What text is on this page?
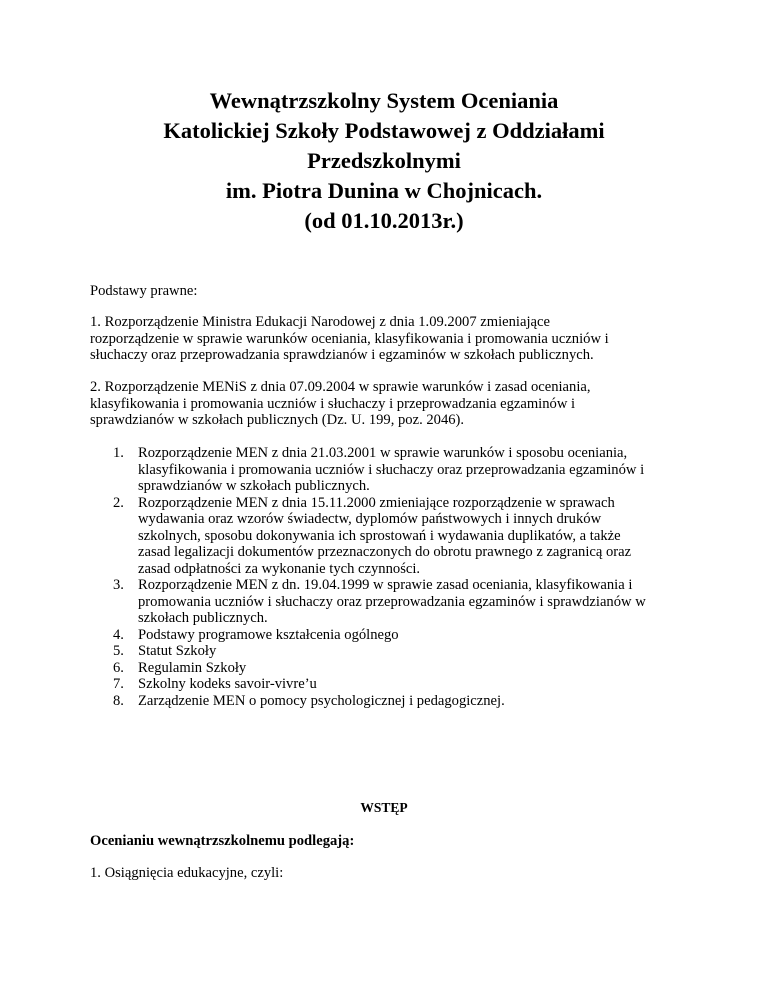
Wewnątrzszkolny System Oceniania
Katolickiej Szkoły Podstawowej z Oddziałami
Przedszkolnymi
im. Piotra Dunina w Chojnicach.
(od 01.10.2013r.)

Podstawy prawne:

1. Rozporządzenie Ministra Edukacji Narodowej z dnia 1.09.2007 zmieniające
rozporządzenie w sprawie warunków oceniania, klasyfikowania i promowania uczniów i
słuchaczy oraz przeprowadzania sprawdzianów i egzaminów w szkołach publicznych.

2. Rozporządzenie MENiS z dnia 07.09.2004 w sprawie warunków i zasad oceniania,
klasyfikowania i promowania uczniów i słuchaczy i przeprowadzania egzaminów i
sprawdzianów w szkołach publicznych (Dz. U. 199, poz. 2046).

1. Rozporządzenie MEN z dnia 21.03.2001 w sprawie warunków i sposobu oceniania,
klasyfikowania i promowania uczniów i słuchaczy oraz przeprowadzania egzaminów i
sprawdzianów w szkołach publicznych.
2. Rozporządzenie MEN z dnia 15.11.2000 zmieniające rozporządzenie w sprawach
wydawania oraz wzorów świadectw, dyplomów państwowych i innych druków
szkolnych, sposobu dokonywania ich sprostowań i wydawania duplikatów, a także
zasad legalizacji dokumentów przeznaczonych do obrotu prawnego z zagranicą oraz
zasad odpłatności za wykonanie tych czynności.
3. Rozporządzenie MEN z dn. 19.04.1999 w sprawie zasad oceniania, klasyfikowania i
promowania uczniów i słuchaczy oraz przeprowadzania egzaminów i sprawdzianów w
szkołach publicznych.
4. Podstawy programowe kształcenia ogólnego
5. Statut Szkoły
6. Regulamin Szkoły
7. Szkolny kodeks savoir-vivre’u
8. Zarządzenie MEN o pomocy psychologicznej i pedagogicznej.
WSTĘP

Ocenianiu wewnątrzszkolnemu podlegają:

1. Osiągnięcia edukacyjne, czyli:
